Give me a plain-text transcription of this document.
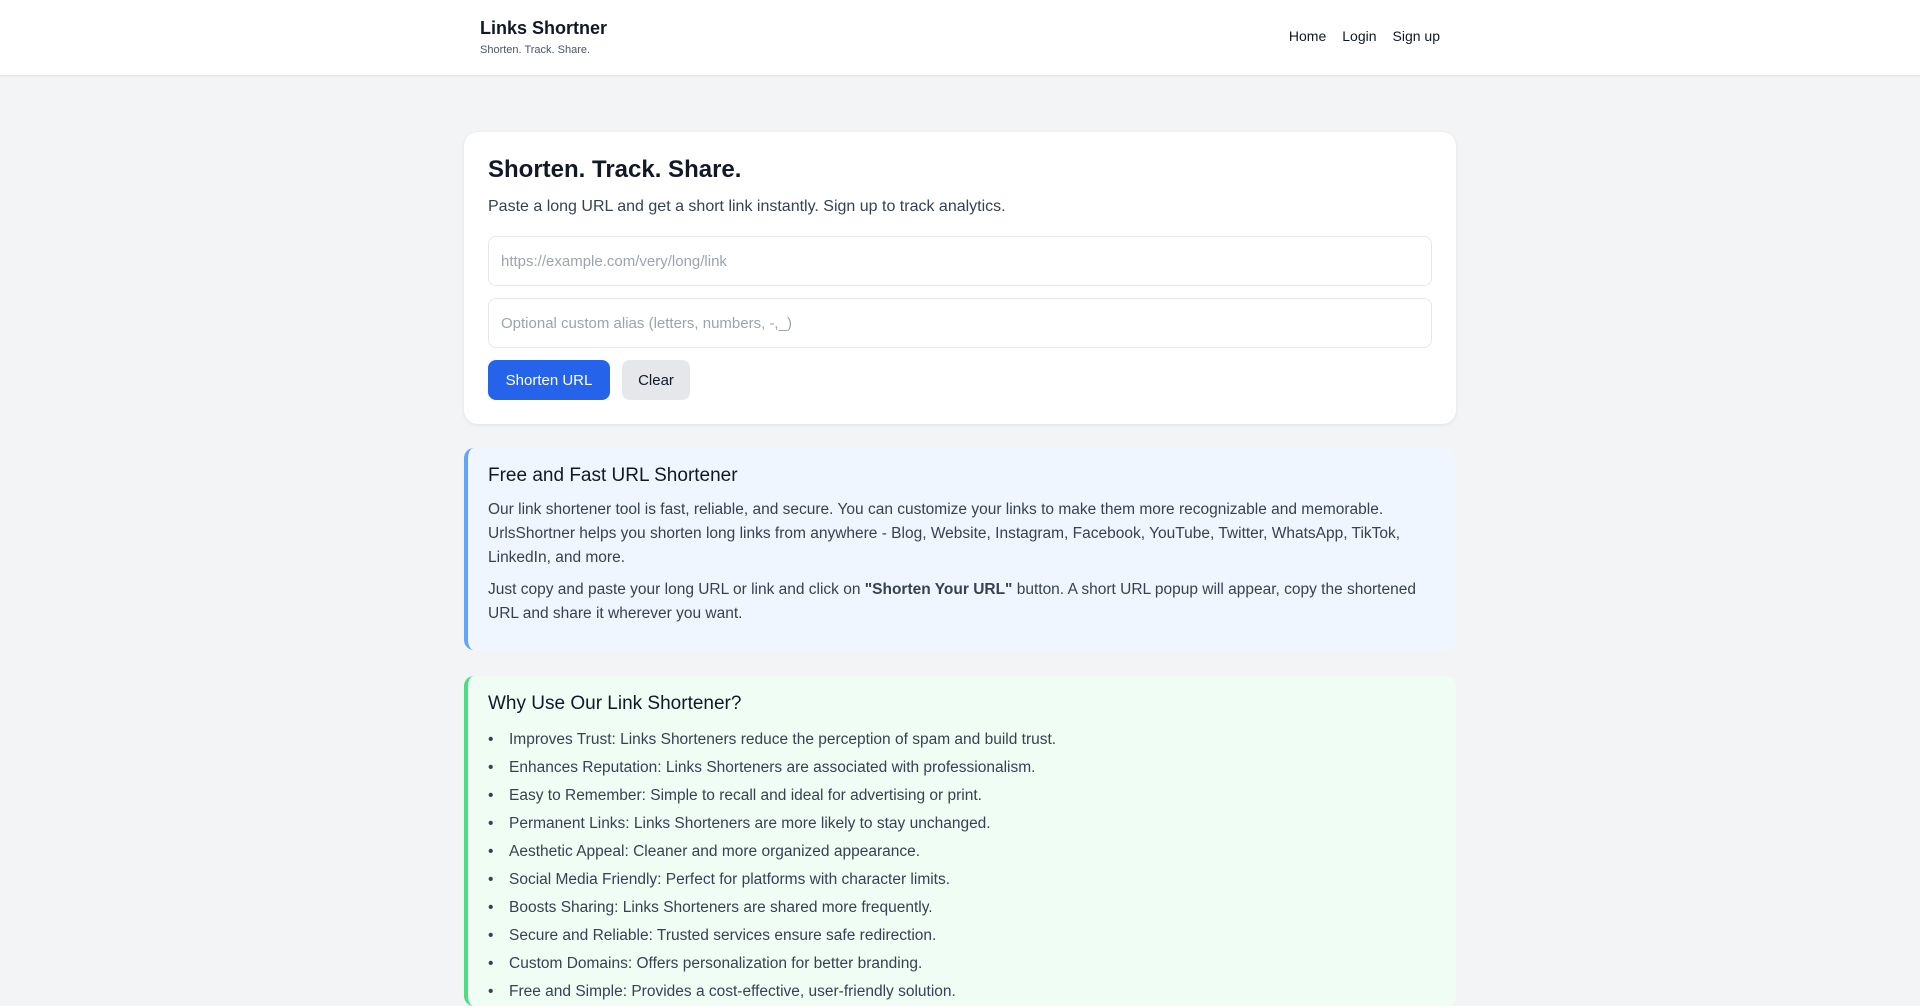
Links Shortner
Shorten. Track. Share.
Home Login Sign up
Shorten. Track. Share.

Paste a long URL and get a short link instantly. Sign up to track analytics.

https://example.com/very/long/link
Optional custom alias (letters, numbers, -,_)
Shorten URL	Clear
Free and Fast URL Shortener

Our link shortener tool is fast, reliable, and secure. You can customize your links to make them more recognizable and memorable. UrlsShortner helps you shorten long links from anywhere - Blog, Website, Instagram, Facebook, YouTube, Twitter, WhatsApp, TikTok, LinkedIn, and more.

Just copy and paste your long URL or link and click on "Shorten Your URL" button. A short URL popup will appear, copy the shortened URL and share it wherever you want.

Why Use Our Link Shortener?
• Improves Trust: Links Shorteners reduce the perception of spam and build trust.
• Enhances Reputation: Links Shorteners are associated with professionalism.
• Easy to Remember: Simple to recall and ideal for advertising or print.
• Permanent Links: Links Shorteners are more likely to stay unchanged.
• Aesthetic Appeal: Cleaner and more organized appearance.
• Social Media Friendly: Perfect for platforms with character limits.
• Boosts Sharing: Links Shorteners are shared more frequently.
• Secure and Reliable: Trusted services ensure safe redirection.
• Custom Domains: Offers personalization for better branding.
• Free and Simple: Provides a cost-effective, user-friendly solution.
